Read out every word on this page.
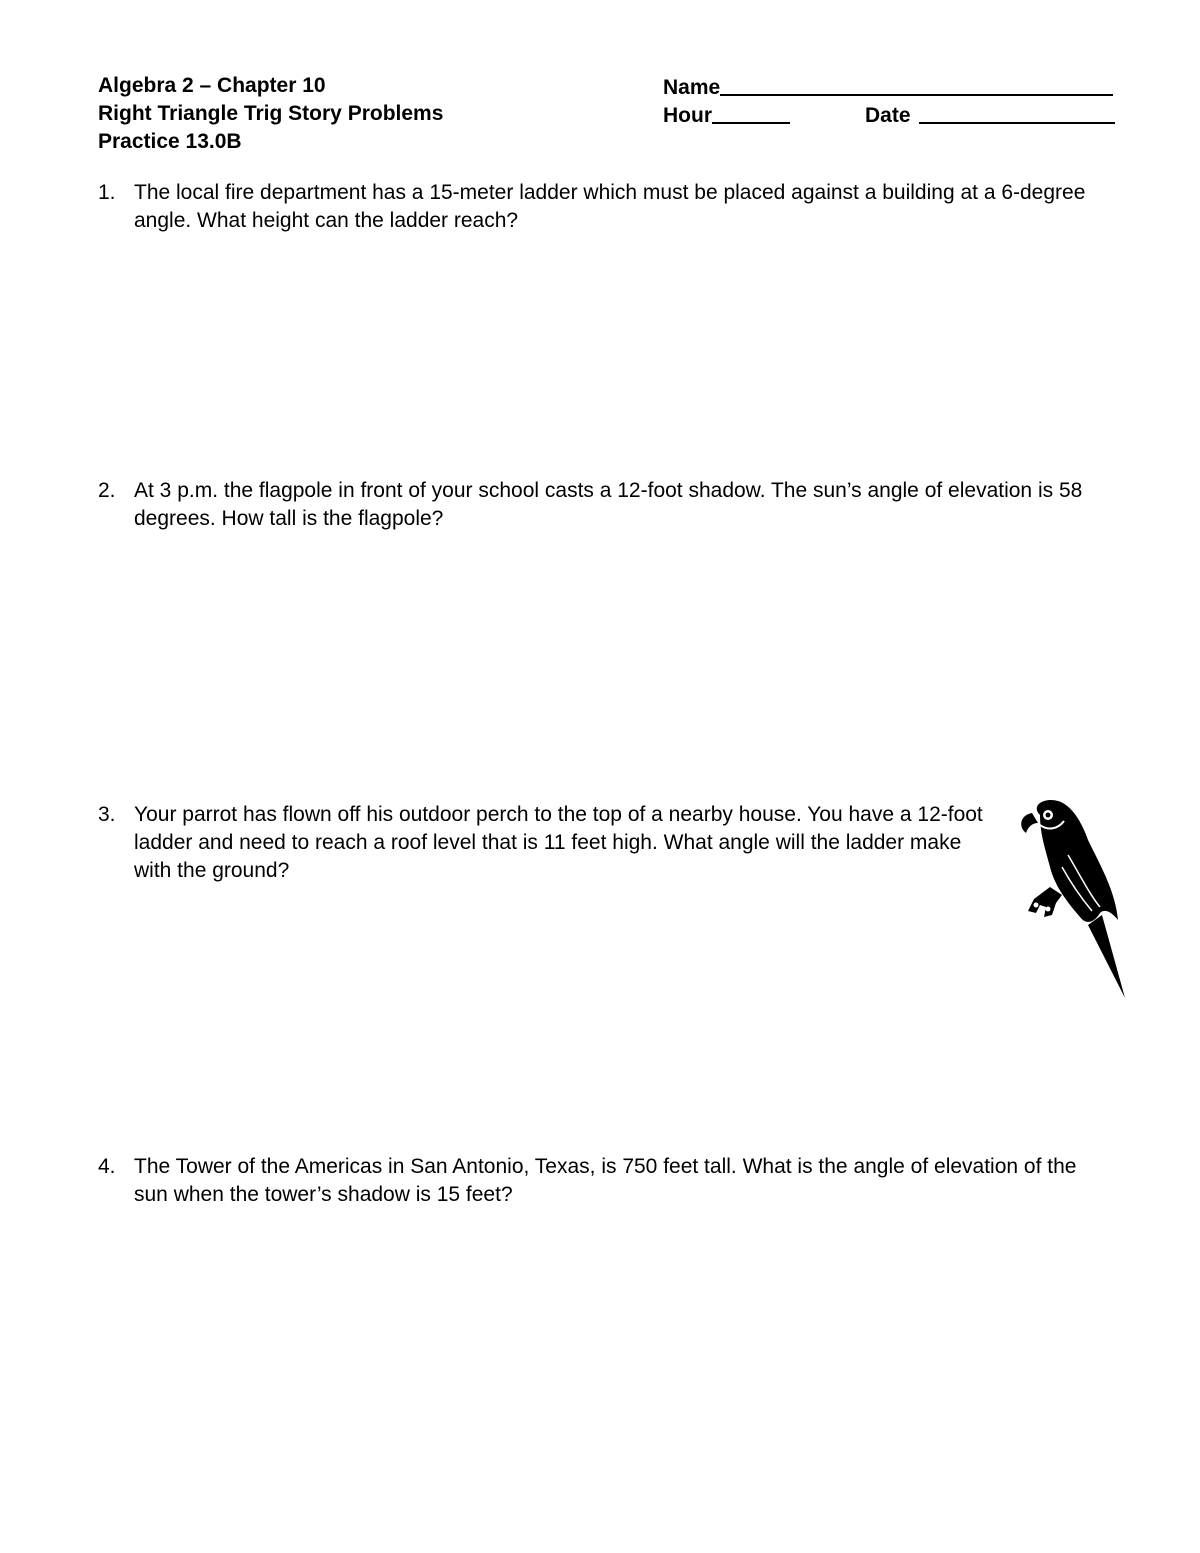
Algebra 2 – Chapter 10
Right Triangle Trig Story Problems
Practice 13.0B
Name
Hour	Date
1. The local fire department has a 15-meter ladder which must be placed against a building at a 6-degree angle. What height can the ladder reach?
2. At 3 p.m. the flagpole in front of your school casts a 12-foot shadow. The sun’s angle of elevation is 58 degrees. How tall is the flagpole?
3. Your parrot has flown off his outdoor perch to the top of a nearby house. You have a 12-foot ladder and need to reach a roof level that is 11 feet high. What angle will the ladder make with the ground?
4. The Tower of the Americas in San Antonio, Texas, is 750 feet tall. What is the angle of elevation of the sun when the tower’s shadow is 15 feet?
